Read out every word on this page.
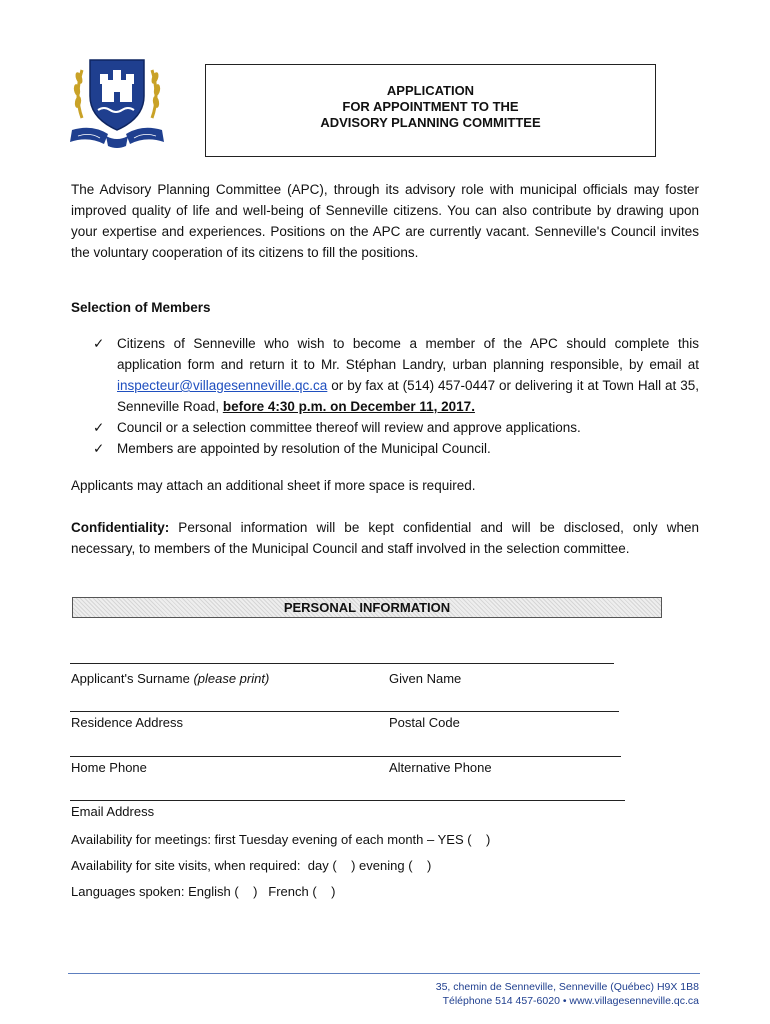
APPLICATION
FOR APPOINTMENT TO THE
ADVISORY PLANNING COMMITTEE
The Advisory Planning Committee (APC), through its advisory role with municipal officials may foster improved quality of life and well-being of Senneville citizens. You can also contribute by drawing upon your expertise and experiences. Positions on the APC are currently vacant. Senneville's Council invites the voluntary cooperation of its citizens to fill the positions.
Selection of Members
✓ Citizens of Senneville who wish to become a member of the APC should complete this application form and return it to Mr. Stéphan Landry, urban planning responsible, by email at inspecteur@villagesenneville.qc.ca or by fax at (514) 457-0447 or delivering it at Town Hall at 35, Senneville Road, before 4:30 p.m. on December 11, 2017.
✓ Council or a selection committee thereof will review and approve applications.
✓ Members are appointed by resolution of the Municipal Council.
Applicants may attach an additional sheet if more space is required.
Confidentiality: Personal information will be kept confidential and will be disclosed, only when necessary, to members of the Municipal Council and staff involved in the selection committee.
PERSONAL INFORMATION
Applicant's Surname (please print)	Given Name
Residence Address	Postal Code
Home Phone	Alternative Phone
Email Address
Availability for meetings: first Tuesday evening of each month – YES (    )
Availability for site visits, when required:  day (    ) evening (    )
Languages spoken: English (    )   French (    )
35, chemin de Senneville, Senneville (Québec) H9X 1B8
Téléphone 514 457-6020 • www.villagesenneville.qc.ca
